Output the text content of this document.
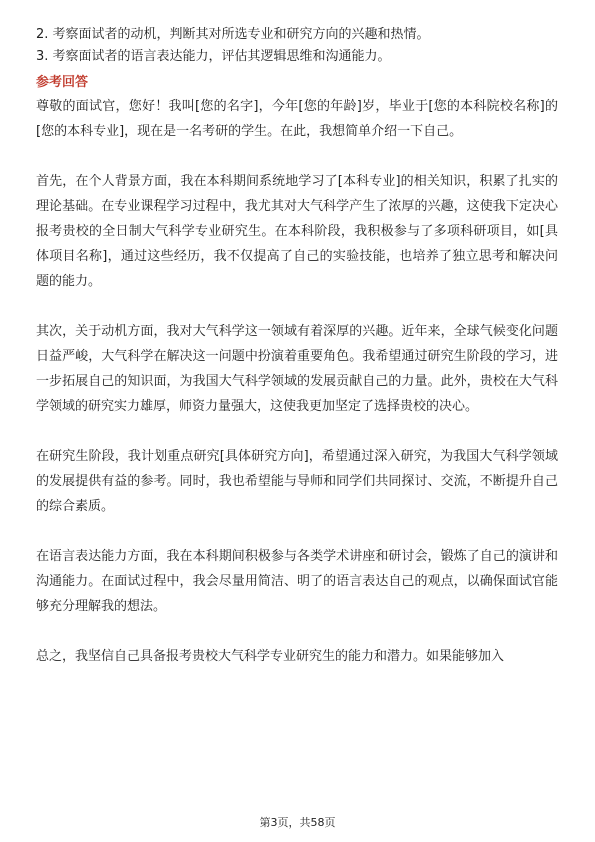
2. 考察面试者的动机，判断其对所选专业和研究方向的兴趣和热情。

3. 考察面试者的语言表达能力，评估其逻辑思维和沟通能力。

参考回答

尊敬的面试官，您好！我叫[您的名字]，今年[您的年龄]岁，毕业于[您的本科院校名称]的[您的本科专业]，现在是一名考研的学生。在此，我想简单介绍一下自己。

首先，在个人背景方面，我在本科期间系统地学习了[本科专业]的相关知识，积累了扎实的理论基础。在专业课程学习过程中，我尤其对大气科学产生了浓厚的兴趣，这使我下定决心报考贵校的全日制大气科学专业研究生。在本科阶段，我积极参与了多项科研项目，如[具体项目名称]，通过这些经历，我不仅提高了自己的实验技能，也培养了独立思考和解决问题的能力。

其次，关于动机方面，我对大气科学这一领域有着深厚的兴趣。近年来，全球气候变化问题日益严峻，大气科学在解决这一问题中扮演着重要角色。我希望通过研究生阶段的学习，进一步拓展自己的知识面，为我国大气科学领域的发展贡献自己的力量。此外，贵校在大气科学领域的研究实力雄厚，师资力量强大，这使我更加坚定了选择贵校的决心。

在研究生阶段，我计划重点研究[具体研究方向]，希望通过深入研究，为我国大气科学领域的发展提供有益的参考。同时，我也希望能与导师和同学们共同探讨、交流，不断提升自己的综合素质。

在语言表达能力方面，我在本科期间积极参与各类学术讲座和研讨会，锻炼了自己的演讲和沟通能力。在面试过程中，我会尽量用简洁、明了的语言表达自己的观点，以确保面试官能够充分理解我的想法。

总之，我坚信自己具备报考贵校大气科学专业研究生的能力和潜力。如果能够加入

第3页，共58页
